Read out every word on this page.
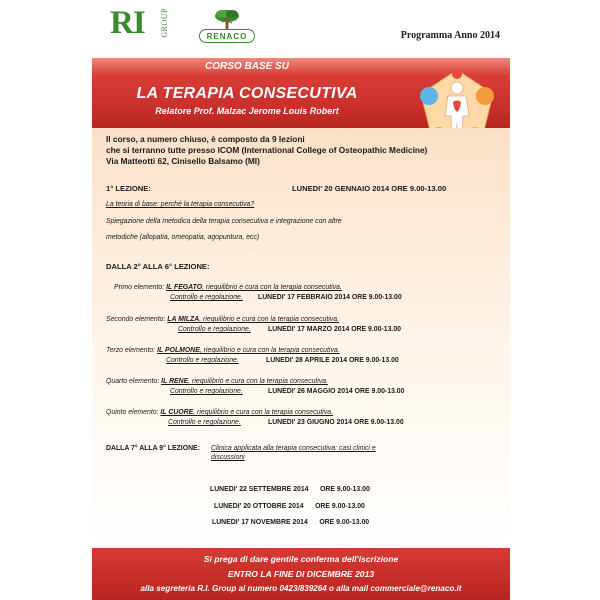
RI GROUP	RENACO	Programma Anno 2014
CORSO BASE SU
LA TERAPIA CONSECUTIVA
Relatore Prof. Malzac Jerome Louis Robert
Il corso, a numero chiuso, è composto da 9 lezioni
che si terranno tutte presso ICOM (International College of Osteopathic Medicine)
Via Matteotti 62, Cinisello Balsamo (MI)
1° LEZIONE:	LUNEDI' 20 GENNAIO 2014 ORE 9.00-13.00
La teoria di base: perché la terapia consecutiva?
Spiegazione della metodica della terapia consecutiva e integrazione con altre
metodiche (allopatia, omeopatia, agopuntura, ecc)
DALLA 2° ALLA 6° LEZIONE:
Primo elemento: IL FEGATO, riequilibrio e cura con la terapia consecutiva.
Controllo e regolazione. LUNEDI' 17 FEBBRAIO 2014 ORE 9.00-13.00
Secondo elemento: LA MILZA, riequilibrio e cura con la terapia consecutiva.
Controllo e regolazione. LUNEDI' 17 MARZO 2014 ORE 9.00-13.00
Terzo elemento: IL POLMONE, riequilibrio e cura con la terapia consecutiva.
Controllo e regolazione.	LUNEDI' 28 APRILE 2014 ORE 9.00-13.00
Quarto elemento: IL RENE, riequilibrio e cura con la terapia consecutiva.
Controllo e regolazione.	LUNEDI' 26 MAGGIO 2014 ORE 9.00-13.00
Quinto elemento: IL CUORE, riequilibrio e cura con la terapia consecutiva.
Controllo e regolazione.	LUNEDI' 23 GIUGNO 2014 ORE 9.00-13.00
DALLA 7° ALLA 9° LEZIONE: Clinica applicata alla terapia consecutiva: casi clinici e
discussioni
LUNEDI' 22 SETTEMBRE 2014      ORE 9.00-13.00
LUNEDI' 20 OTTOBRE 2014      ORE 9.00-13.00
LUNEDI' 17 NOVEMBRE 2014      ORE 9.00-13.00
Si prega di dare gentile conferma dell'iscrizione
ENTRO LA FINE DI DICEMBRE 2013
alla segreteria R.I. Group al numero 0423/839264 o alla mail commerciale@renaco.it
